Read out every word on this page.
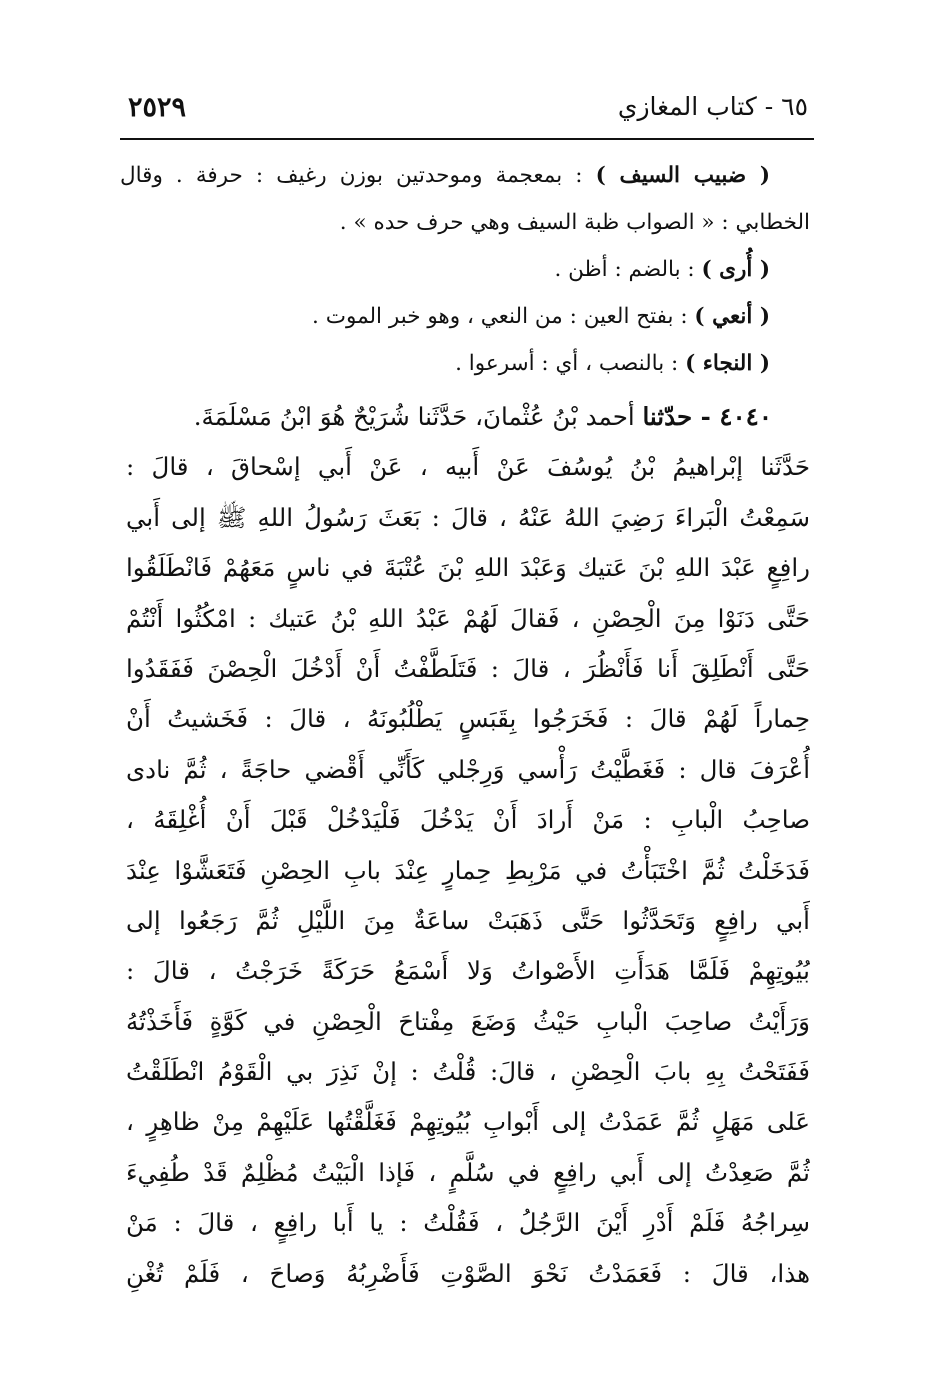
٦٥ - كتاب المغازي
٢٥٢٩
( ضبيب السيف ) : بمعجمة وموحدتين بوزن رغيف : حرفة . وقال
الخطابي : « الصواب ظبة السيف وهي حرف حده » .
( أُرى ) : بالضم : أظن .
( أنعي ) : بفتح العين : من النعي ، وهو خبر الموت .
( النجاء ) : بالنصب ، أي : أسرعوا .
٤٠٤٠ - حدّثنا أحمد بْنُ عُثْمانَ، حَدَّثَنا شُرَيْحٌ هُوَ ابْنُ مَسْلَمَةَ.
حَدَّثَنا إبْراهيمُ بْنُ يُوسُفَ عَنْ أَبيه ، عَنْ أَبي إسْحاقَ ، قالَ :
سَمِعْتُ الْبَراءَ رَضِيَ اللهُ عَنْهُ ، قالَ : بَعَثَ رَسُولُ اللهِ ﷺ إلى أَبي
رافِعٍ عَبْدَ اللهِ بْنَ عَتيك وَعَبْدَ اللهِ بْنَ عُتْبَةَ في ناسٍ مَعَهُمْ فَانْطَلَقُوا
حَتَّى دَنَوْا مِنَ الْحِصْنِ ، فَقالَ لَهُمْ عَبْدُ اللهِ بْنُ عَتيك : امْكُثُوا أَنْتُمْ
حَتَّى أَنْطَلِقَ أَنا فَأَنْظُرَ ، قالَ : فَتَلَطَّفْتُ أَنْ أَدْخُلَ الْحِصْنَ فَفَقَدُوا
حِماراً لَهُمْ قالَ : فَخَرَجُوا بِقَبَسٍ يَطْلُبُونَهُ ، قالَ : فَخَشيتُ أَنْ
أُعْرَفَ قال : فَغَطَّيْتُ رَأْسي وَرِجْلي كَأَنِّي أَقْضي حاجَةً ، ثُمَّ نادى
صاحِبُ الْبابِ : مَنْ أَرادَ أَنْ يَدْخُلَ فَلْيَدْخُلْ قَبْلَ أَنْ أُغْلِقَهُ ،
فَدَخَلْتُ ثُمَّ اخْتَبَأْتُ في مَرْبِطِ حِمارٍ عِنْدَ بابِ الحِصْنِ فَتَعَشَّوْا عِنْدَ
أَبي رافِعٍ وَتَحَدَّثُوا حَتَّى ذَهَبَتْ ساعَةٌ مِنَ اللَّيْلِ ثُمَّ رَجَعُوا إلى
بُيُوتِهِمْ فَلَمَّا هَدَأَتِ الأَصْواتُ وَلا أَسْمَعُ حَرَكَةً خَرَجْتُ ، قالَ :
وَرَأَيْتُ صاحِبَ الْبابِ حَيْثُ وَضَعَ مِفْتاحَ الْحِصْنِ في كَوَّةٍ فَأَخَذْتُهُ
فَفَتَحْتُ بِهِ بابَ الْحِصْنِ ، قالَ: قُلْتُ : إنْ نَذِرَ بي الْقَوْمُ انْطَلَقْتُ
عَلى مَهَلٍ ثُمَّ عَمَدْتُ إلى أَبْوابِ بُيُوتِهِمْ فَغَلَّقْتُها عَلَيْهِمْ مِنْ ظاهِرٍ ،
ثُمَّ صَعِدْتُ إلى أَبي رافِعٍ في سُلَّمٍ ، فَإذا الْبَيْتُ مُظْلِمٌ قَدْ طُفِيءَ
سِراجُهُ فَلَمْ أَدْرِ أَيْنَ الرَّجُلُ ، فَقُلْتُ : يا أَبا رافِعٍ ، قالَ : مَنْ
هذا، قالَ : فَعَمَدْتُ نَحْوَ الصَّوْتِ فَأَضْرِبُهُ وَصاحَ ، فَلَمْ تُغْنِ
